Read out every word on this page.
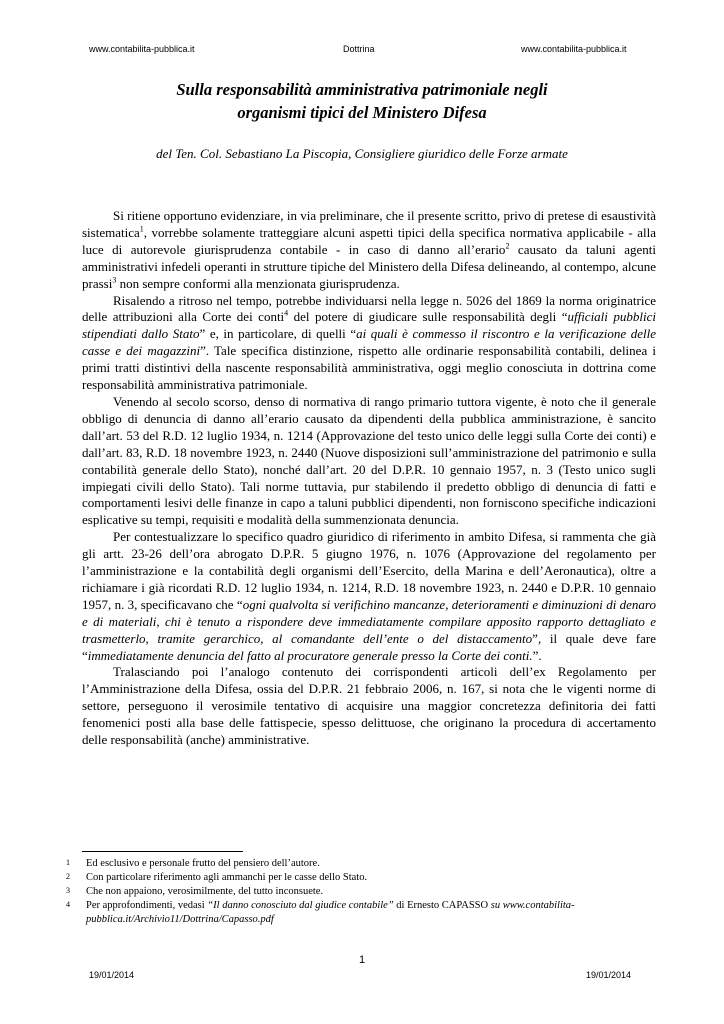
www.contabilita-pubblica.it	Dottrina	www.contabilita-pubblica.it
Sulla responsabilità amministrativa patrimoniale negli
organismi tipici del Ministero Difesa
del Ten. Col. Sebastiano La Piscopia, Consigliere giuridico delle Forze armate

Si ritiene opportuno evidenziare, in via preliminare, che il presente scritto, privo di pretese di esaustività sistematica$^1$, vorrebbe solamente tratteggiare alcuni aspetti tipici della specifica normativa applicabile - alla luce di autorevole giurisprudenza contabile - in caso di danno all’erario$^2$ causato da taluni agenti amministrativi infedeli operanti in strutture tipiche del Ministero della Difesa delineando, al contempo, alcune prassi$^3$ non sempre conformi alla menzionata giurisprudenza.

Risalendo a ritroso nel tempo, potrebbe individuarsi nella legge n. 5026 del 1869 la norma originatrice delle attribuzioni alla Corte dei conti$^4$ del potere di giudicare sulle responsabilità degli “ufficiali pubblici stipendiati dallo Stato” e, in particolare, di quelli “ai quali è commesso il riscontro e la verificazione delle casse e dei magazzini”. Tale specifica distinzione, rispetto alle ordinarie responsabilità contabili, delinea i primi tratti distintivi della nascente responsabilità amministrativa, oggi meglio conosciuta in dottrina come responsabilità amministrativa patrimoniale.

Venendo al secolo scorso, denso di normativa di rango primario tuttora vigente, è noto che il generale obbligo di denuncia di danno all’erario causato da dipendenti della pubblica amministrazione, è sancito dall’art. 53 del R.D. 12 luglio 1934, n. 1214 (Approvazione del testo unico delle leggi sulla Corte dei conti) e dall’art. 83, R.D. 18 novembre 1923, n. 2440 (Nuove disposizioni sull’amministrazione del patrimonio e sulla contabilità generale dello Stato), nonché dall’art. 20 del D.P.R. 10 gennaio 1957, n. 3 (Testo unico sugli impiegati civili dello Stato). Tali norme tuttavia, pur stabilendo il predetto obbligo di denuncia di fatti e comportamenti lesivi delle finanze in capo a taluni pubblici dipendenti, non forniscono specifiche indicazioni esplicative su tempi, requisiti e modalità della summenzionata denuncia.

Per contestualizzare lo specifico quadro giuridico di riferimento in ambito Difesa, si rammenta che già gli artt. 23-26 dell’ora abrogato D.P.R. 5 giugno 1976, n. 1076 (Approvazione del regolamento per l’amministrazione e la contabilità degli organismi dell’Esercito, della Marina e dell’Aeronautica), oltre a richiamare i già ricordati R.D. 12 luglio 1934, n. 1214, R.D. 18 novembre 1923, n. 2440 e D.P.R. 10 gennaio 1957, n. 3, specificavano che “ogni qualvolta si verifichino mancanze, deterioramenti e diminuzioni di denaro e di materiali, chi è tenuto a rispondere deve immediatamente compilare apposito rapporto dettagliato e trasmetterlo, tramite gerarchico, al comandante dell’ente o del distaccamento”, il quale deve fare “immediatamente denuncia del fatto al procuratore generale presso la Corte dei conti.”.

Tralasciando poi l’analogo contenuto dei corrispondenti articoli dell’ex Regolamento per l’Amministrazione della Difesa, ossia del D.P.R. 21 febbraio 2006, n. 167, si nota che le vigenti norme di settore, perseguono il verosimile tentativo di acquisire una maggior concretezza definitoria dei fatti fenomenici posti alla base delle fattispecie, spesso delittuose, che originano la procedura di accertamento delle responsabilità (anche) amministrative.

1	Ed esclusivo e personale frutto del pensiero dell’autore.
2	Con particolare riferimento agli ammanchi per le casse dello Stato.
3	Che non appaiono, verosimilmente, del tutto inconsuete.
4	Per approfondimenti, vedasi “Il danno conosciuto dal giudice contabile” di Ernesto CAPASSO su www.contabilita-pubblica.it/Archivio11/Dottrina/Capasso.pdf
1
19/01/2014	19/01/2014
